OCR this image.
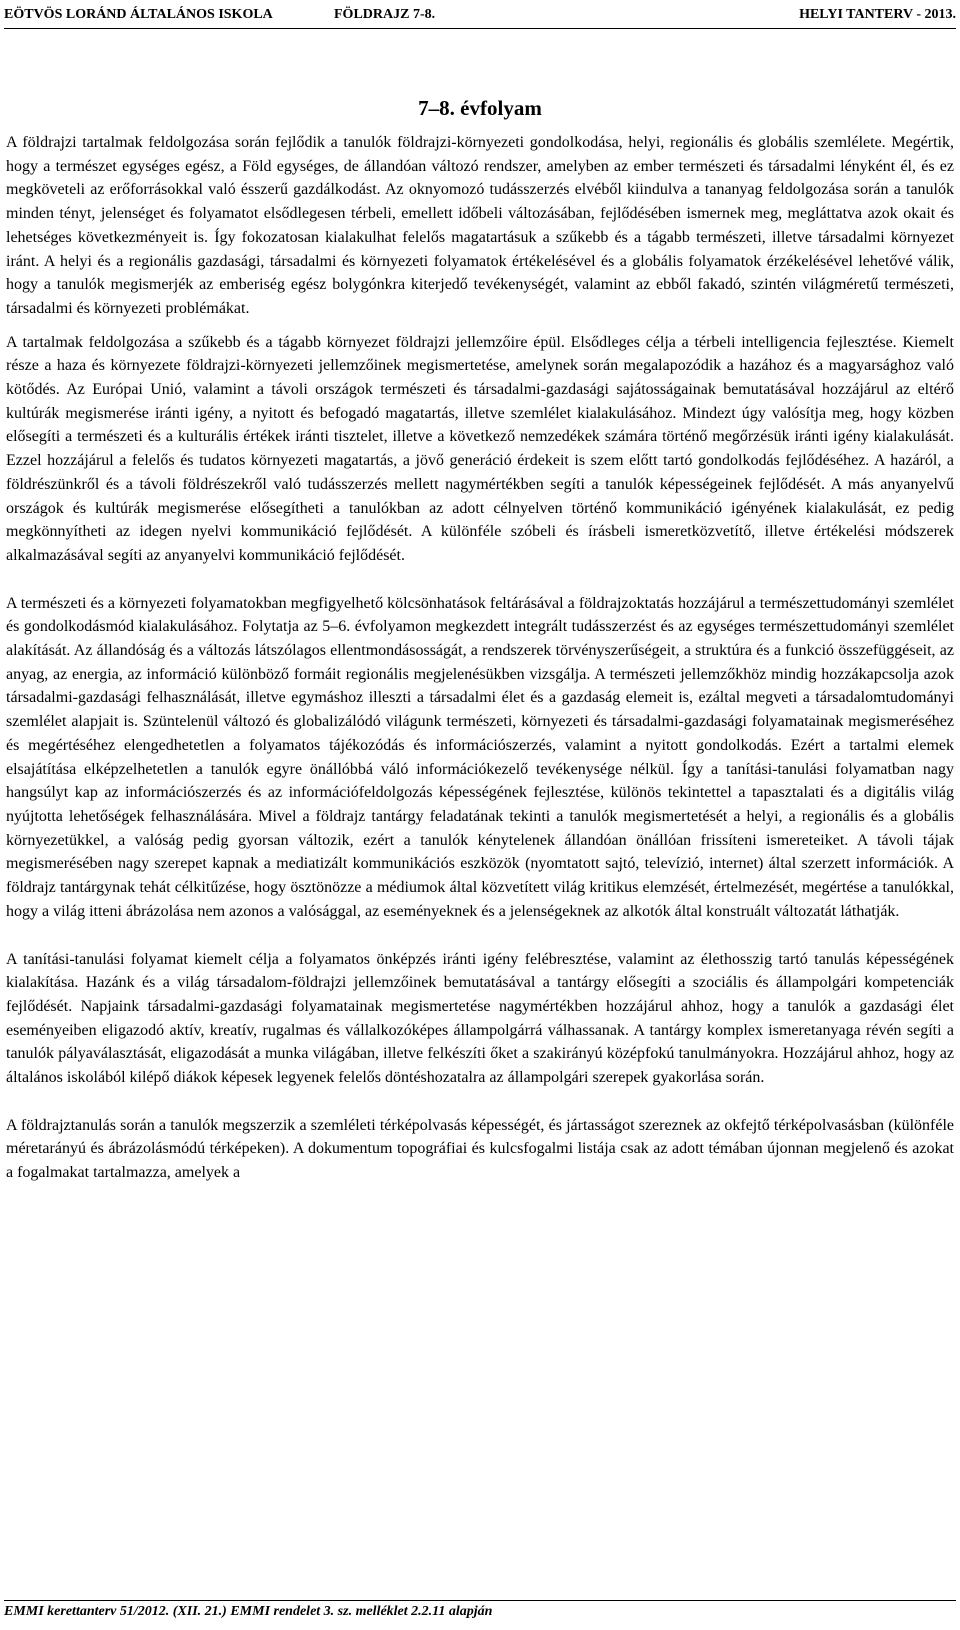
EÖTVÖS LORÁND ÁLTALÁNOS ISKOLA	FÖLDRAJZ 7-8.	HELYI TANTERV - 2013.
7–8. évfolyam

A földrajzi tartalmak feldolgozása során fejlődik a tanulók földrajzi-környezeti gondolkodása, helyi, regionális és globális szemlélete. Megértik, hogy a természet egységes egész, a Föld egységes, de állandóan változó rendszer, amelyben az ember természeti és társadalmi lényként él, és ez megköveteli az erőforrásokkal való ésszerű gazdálkodást. Az oknyomozó tudásszerzés elvéből kiindulva a tananyag feldolgozása során a tanulók minden tényt, jelenséget és folyamatot elsődlegesen térbeli, emellett időbeli változásában, fejlődésében ismernek meg, megláttatva azok okait és lehetséges következményeit is. Így fokozatosan kialakulhat felelős magatartásuk a szűkebb és a tágabb természeti, illetve társadalmi környezet iránt. A helyi és a regionális gazdasági, társadalmi és környezeti folyamatok értékelésével és a globális folyamatok érzékelésével lehetővé válik, hogy a tanulók megismerjék az emberiség egész bolygónkra kiterjedő tevékenységét, valamint az ebből fakadó, szintén világméretű természeti, társadalmi és környezeti problémákat.

A tartalmak feldolgozása a szűkebb és a tágabb környezet földrajzi jellemzőire épül. Elsődleges célja a térbeli intelligencia fejlesztése. Kiemelt része a haza és környezete földrajzi-környezeti jellemzőinek megismertetése, amelynek során megalapozódik a hazához és a magyarsághoz való kötődés. Az Európai Unió, valamint a távoli országok természeti és társadalmi-gazdasági sajátosságainak bemutatásával hozzájárul az eltérő kultúrák megismerése iránti igény, a nyitott és befogadó magatartás, illetve szemlélet kialakulásához. Mindezt úgy valósítja meg, hogy közben elősegíti a természeti és a kulturális értékek iránti tisztelet, illetve a következő nemzedékek számára történő megőrzésük iránti igény kialakulását. Ezzel hozzájárul a felelős és tudatos környezeti magatartás, a jövő generáció érdekeit is szem előtt tartó gondolkodás fejlődéséhez. A hazáról, a földrészünkről és a távoli földrészekről való tudásszerzés mellett nagymértékben segíti a tanulók képességeinek fejlődését. A más anyanyelvű országok és kultúrák megismerése elősegítheti a tanulókban az adott célnyelven történő kommunikáció igényének kialakulását, ez pedig megkönnyítheti az idegen nyelvi kommunikáció fejlődését. A különféle szóbeli és írásbeli ismeretközvetítő, illetve értékelési módszerek alkalmazásával segíti az anyanyelvi kommunikáció fejlődését.

A természeti és a környezeti folyamatokban megfigyelhető kölcsönhatások feltárásával a földrajzoktatás hozzájárul a természettudományi szemlélet és gondolkodásmód kialakulásához. Folytatja az 5–6. évfolyamon megkezdett integrált tudásszerzést és az egységes természettudományi szemlélet alakítását. Az állandóság és a változás látszólagos ellentmondásosságát, a rendszerek törvényszerűségeit, a struktúra és a funkció összefüggéseit, az anyag, az energia, az információ különböző formáit regionális megjelenésükben vizsgálja. A természeti jellemzőkhöz mindig hozzákapcsolja azok társadalmi-gazdasági felhasználását, illetve egymáshoz illeszti a társadalmi élet és a gazdaság elemeit is, ezáltal megveti a társadalomtudományi szemlélet alapjait is. Szüntelenül változó és globalizálódó világunk természeti, környezeti és társadalmi-gazdasági folyamatainak megismeréséhez és megértéséhez elengedhetetlen a folyamatos tájékozódás és információszerzés, valamint a nyitott gondolkodás. Ezért a tartalmi elemek elsajátítása elképzelhetetlen a tanulók egyre önállóbbá váló információkezelő tevékenysége nélkül. Így a tanítási-tanulási folyamatban nagy hangsúlyt kap az információszerzés és az információfeldolgozás képességének fejlesztése, különös tekintettel a tapasztalati és a digitális világ nyújtotta lehetőségek felhasználására. Mivel a földrajz tantárgy feladatának tekinti a tanulók megismertetését a helyi, a regionális és a globális környezetükkel, a valóság pedig gyorsan változik, ezért a tanulók kénytelenek állandóan önállóan frissíteni ismereteiket. A távoli tájak megismerésében nagy szerepet kapnak a mediatizált kommunikációs eszközök (nyomtatott sajtó, televízió, internet) által szerzett információk. A földrajz tantárgynak tehát célkitűzése, hogy ösztönözze a médiumok által közvetített világ kritikus elemzését, értelmezését, megértése a tanulókkal, hogy a világ itteni ábrázolása nem azonos a valósággal, az eseményeknek és a jelenségeknek az alkotók által konstruált változatát láthatják.

A tanítási-tanulási folyamat kiemelt célja a folyamatos önképzés iránti igény felébresztése, valamint az élethosszig tartó tanulás képességének kialakítása. Hazánk és a világ társadalom-földrajzi jellemzőinek bemutatásával a tantárgy elősegíti a szociális és állampolgári kompetenciák fejlődését. Napjaink társadalmi-gazdasági folyamatainak megismertetése nagymértékben hozzájárul ahhoz, hogy a tanulók a gazdasági élet eseményeiben eligazodó aktív, kreatív, rugalmas és vállalkozóképes állampolgárrá válhassanak. A tantárgy komplex ismeretanyaga révén segíti a tanulók pályaválasztását, eligazodását a munka világában, illetve felkészíti őket a szakirányú középfokú tanulmányokra. Hozzájárul ahhoz, hogy az általános iskolából kilépő diákok képesek legyenek felelős döntéshozatalra az állampolgári szerepek gyakorlása során.

A földrajztanulás során a tanulók megszerzik a szemléleti térképolvasás képességét, és jártasságot szereznek az okfejtő térképolvasásban (különféle méretarányú és ábrázolásmódú térképeken). A dokumentum topográfiai és kulcsfogalmi listája csak az adott témában újonnan megjelenő és azokat a fogalmakat tartalmazza, amelyek a

EMMI kerettanterv 51/2012. (XII. 21.) EMMI rendelet 3. sz. melléklet 2.2.11 alapján
